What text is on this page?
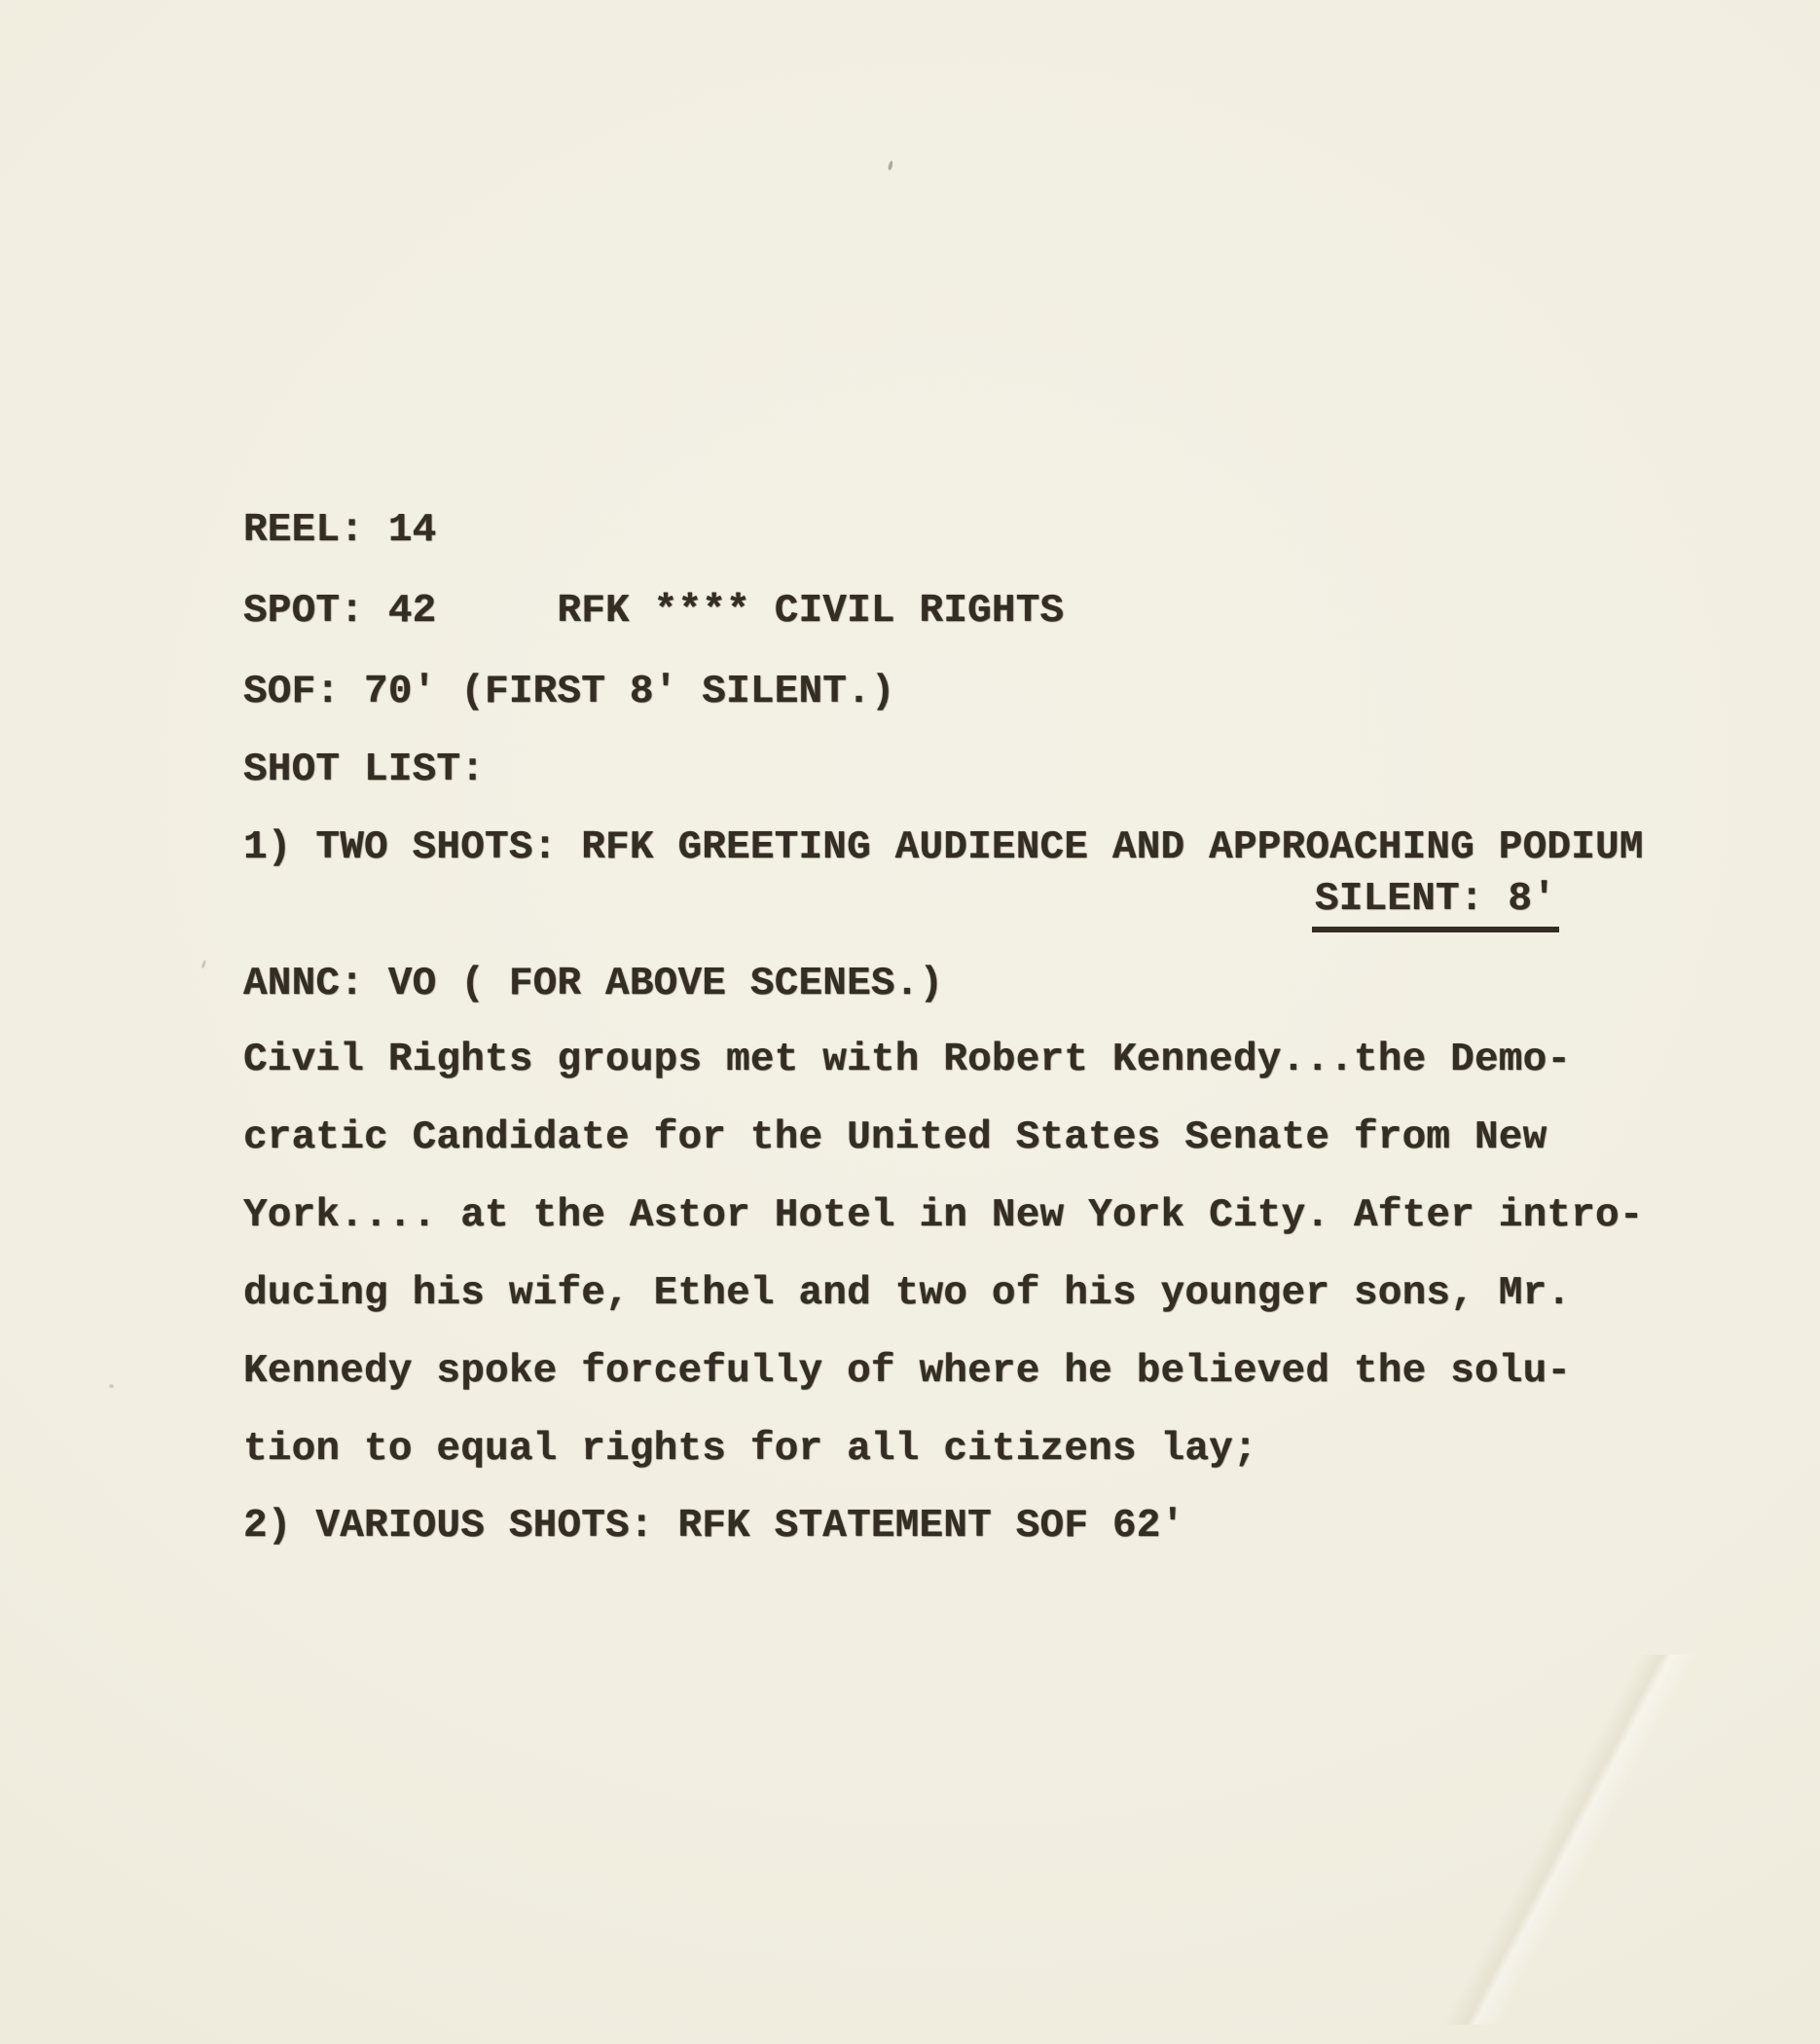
REEL: 14
SPOT: 42     RFK **** CIVIL RIGHTS
SOF: 70' (FIRST 8' SILENT.)
SHOT LIST:
1) TWO SHOTS: RFK GREETING AUDIENCE AND APPROACHING PODIUM
SILENT: 8'
ANNC: VO ( FOR ABOVE SCENES.)
Civil Rights groups met with Robert Kennedy...the Demo-
cratic Candidate for the United States Senate from New
York.... at the Astor Hotel in New York City. After intro-
ducing his wife, Ethel and two of his younger sons, Mr.
Kennedy spoke forcefully of where he believed the solu-
tion to equal rights for all citizens lay;
2) VARIOUS SHOTS: RFK STATEMENT SOF 62'
